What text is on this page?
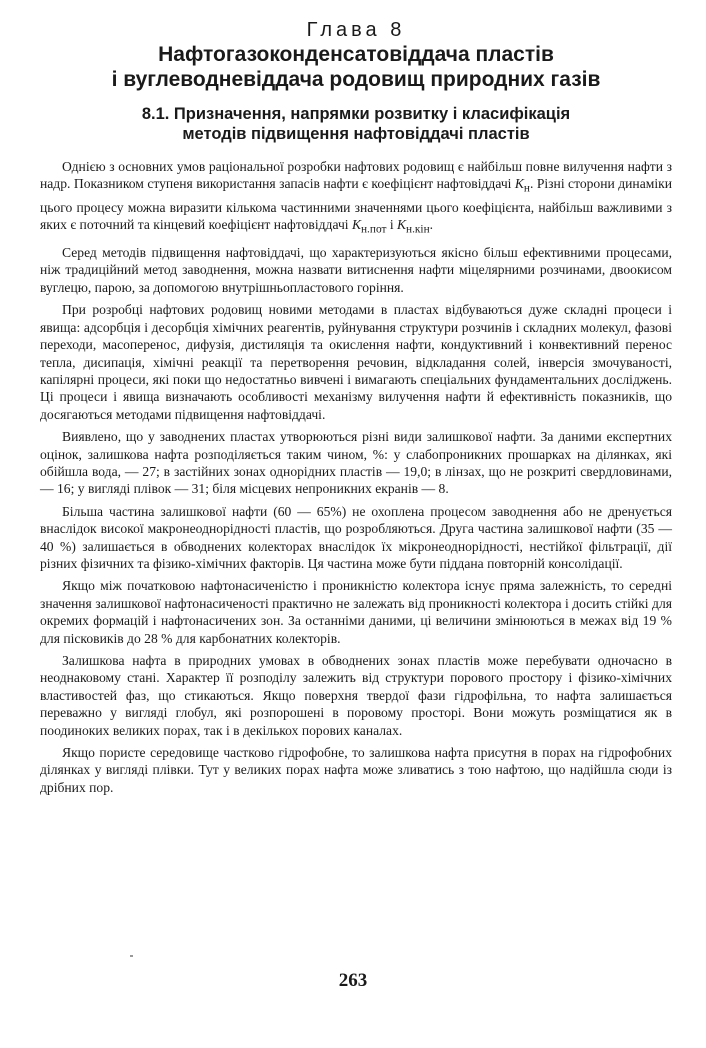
Глава 8
Нафтогазоконденсатовіддача пластів
і вуглеводневіддача родовищ природних газів
8.1. Призначення, напрямки розвитку і класифікація
методів підвищення нафтовіддачі пластів

Однією з основних умов раціональної розробки нафтових родовищ є найбільш повне вилучення нафти з надр. Показником ступеня використання запасів нафти є коефіцієнт нафтовіддачі $К_н$. Різні сторони динаміки цього процесу можна виразити кількома частинними значеннями цього коефіцієнта, найбільш важливими з яких є поточний та кінцевий коефіцієнт нафтовіддачі $К_{н.пот}$ і $К_{н.кін}$.

Серед методів підвищення нафтовіддачі, що характеризуються якісно більш ефективними процесами, ніж традиційний метод заводнення, можна назвати витиснення нафти міцелярними розчинами, двоокисом вуглецю, парою, за допомогою внутрішньопластового горіння.

При розробці нафтових родовищ новими методами в пластах відбуваються дуже складні процеси і явища: адсорбція і десорбція хімічних реагентів, руйнування структури розчинів і складних молекул, фазові переходи, масоперенос, дифузія, дистиляція та окислення нафти, кондуктивний і конвективний перенос тепла, дисипація, хімічні реакції та перетворення речовин, відкладання солей, інверсія змочуваності, капілярні процеси, які поки що недостатньо вивчені і вимагають спеціальних фундаментальних досліджень. Ці процеси і явища визначають особливості механізму вилучення нафти й ефективність показників, що досягаються методами підвищення нафтовіддачі.

Виявлено, що у заводнених пластах утворюються різні види залишкової нафти. За даними експертних оцінок, залишкова нафта розподіляється таким чином, %: у слабопроникних прошарках на ділянках, які обійшла вода, — 27; в застійних зонах однорідних пластів — 19,0; в лінзах, що не розкриті свердловинами, — 16; у вигляді плівок — 31; біля місцевих непроникних екранів — 8.

Більша частина залишкової нафти (60 — 65%) не охоплена процесом заводнення або не дренується внаслідок високої макронеоднорідності пластів, що розробляються. Друга частина залишкової нафти (35 — 40 %) залишається в обводнених колекторах внаслідок їх мікронеоднорідності, нестійкої фільтрації, дії різних фізичних та фізико-хімічних факторів. Ця частина може бути піддана повторній консолідації.

Якщо між початковою нафтонасиченістю і проникністю колектора існує пряма залежність, то середні значення залишкової нафтонасиченості практично не залежать від проникності колектора і досить стійкі для окремих формацій і нафтонасичених зон. За останніми даними, ці величини змінюються в межах від 19 % для пісковиків до 28 % для карбонатних колекторів.

Залишкова нафта в природних умовах в обводнених зонах пластів може перебувати одночасно в неоднаковому стані. Характер її розподілу залежить від структури порового простору і фізико-хімічних властивостей фаз, що стикаються. Якщо поверхня твердої фази гідрофільна, то нафта залишається переважно у вигляді глобул, які розпорошені в поровому просторі. Вони можуть розміщатися як в поодиноких великих порах, так і в декількох порових каналах.

Якщо пористе середовище частково гідрофобне, то залишкова нафта присутня в порах на гідрофобних ділянках у вигляді плівки. Тут у великих порах нафта може зливатись з тою нафтою, що надійшла сюди із дрібних пор.

263
